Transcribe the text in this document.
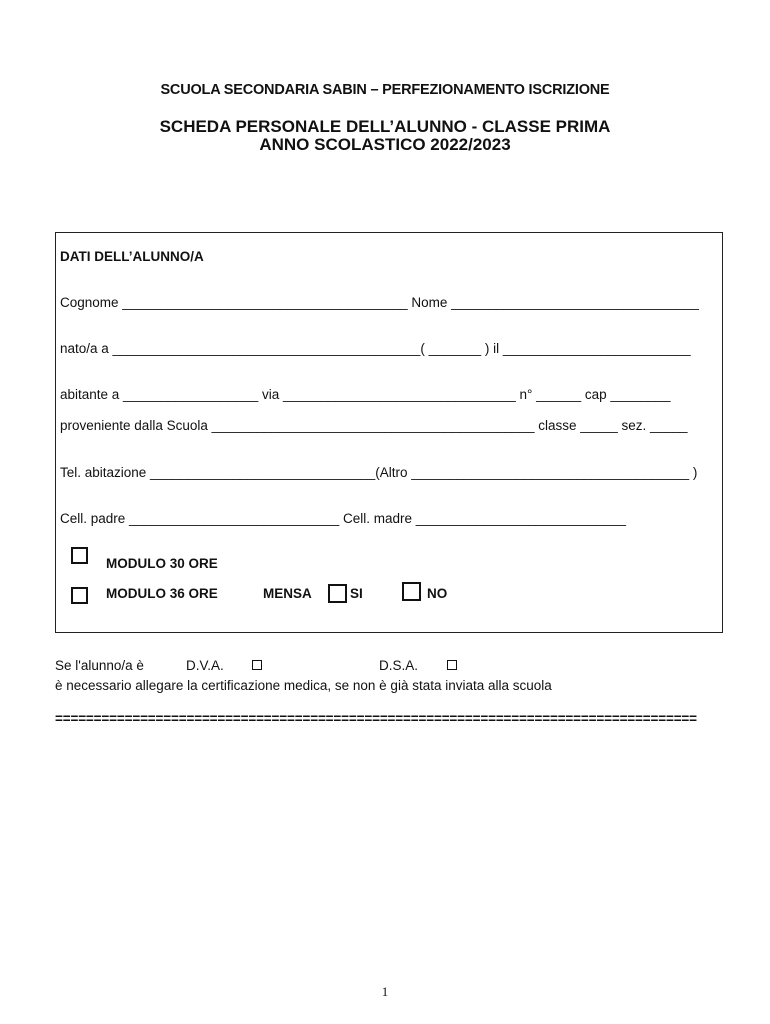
SCUOLA SECONDARIA SABIN – PERFEZIONAMENTO ISCRIZIONE
SCHEDA PERSONALE DELL’ALUNNO - CLASSE PRIMA
ANNO SCOLASTICO 2022/2023
DATI DELL’ALUNNO/A
Cognome ______________________________________ Nome _________________________________
nato/a a _________________________________________( _______ ) il _________________________
abitante a __________________ via _______________________________ n° ______ cap ________
proveniente dalla Scuola ___________________________________________ classe _____ sez. _____
Tel. abitazione ______________________________(Altro _____________________________________ )
Cell. padre ____________________________ Cell. madre ____________________________
MODULO 30 ORE
MODULO 36 ORE	MENSA	SI	NO
Se l'alunno/a è	D.V.A.	D.S.A.
è necessario allegare la certificazione medica, se non è già stata inviata alla scuola
===================================================================================
1
